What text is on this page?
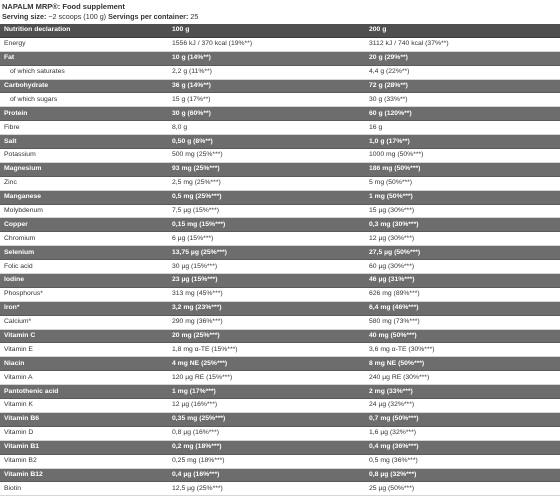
NAPALM MRP®: Food supplement
Serving size: ~2 scoops (100 g) Servings per container: 25
Nutrition declaration	100 g	200 g
Energy	1556 kJ / 370 kcal (19%**)	3112 kJ / 740 kcal (37%**)
Fat	10 g (14%**)	20 g (29%**)
of which saturates	2,2 g (11%**)	4,4 g (22%**)
Carbohydrate	36 g (14%**)	72 g (28%**)
of which sugars	15 g (17%**)	30 g (33%**)
Protein	30 g (60%**)	60 g (120%**)
Fibre	8,0 g	16 g
Salt	0,50 g (8%**)	1,0 g (17%**)
Potassium	500 mg (25%***)	1000 mg (50%***)
Magnesium	93 mg (25%***)	186 mg (50%***)
Zinc	2,5 mg (25%***)	5 mg (50%***)
Manganese	0,5 mg (25%***)	1 mg (50%***)
Molybdenum	7,5 µg (15%***)	15 µg (30%***)
Copper	0,15 mg (15%***)	0,3 mg (30%***)
Chromium	6 µg (15%***)	12 µg (30%***)
Selenium	13,75 µg (25%***)	27,5 µg (50%***)
Folic acid	30 µg (15%***)	60 µg (30%***)
Iodine	23 µg (15%***)	46 µg (31%***)
Phosphorus*	313 mg (45%***)	626 mg (89%***)
Iron*	3,2 mg (23%***)	6,4 mg (46%***)
Calcium*	290 mg (36%***)	580 mg (73%***)
Vitamin C	20 mg (25%***)	40 mg (50%***)
Vitamin E	1,8 mg α-TE (15%***)	3,6 mg α-TE (30%***)
Niacin	4 mg NE (25%***)	8 mg NE (50%***)
Vitamin A	120 µg RE (15%***)	240 µg RE (30%***)
Pantothenic acid	1 mg (17%***)	2 mg (33%***)
Vitamin K	12 µg (16%***)	24 µg (32%***)
Vitamin B6	0,35 mg (25%***)	0,7 mg (50%***)
Vitamin D	0,8 µg (16%***)	1,6 µg (32%***)
Vitamin B1	0,2 mg (18%***)	0,4 mg (36%***)
Vitamin B2	0,25 mg (18%***)	0,5 mg (36%***)
Vitamin B12	0,4 µg (16%***)	0,8 µg (32%***)
Biotin	12,5 µg (25%***)	25 µg (50%***)
